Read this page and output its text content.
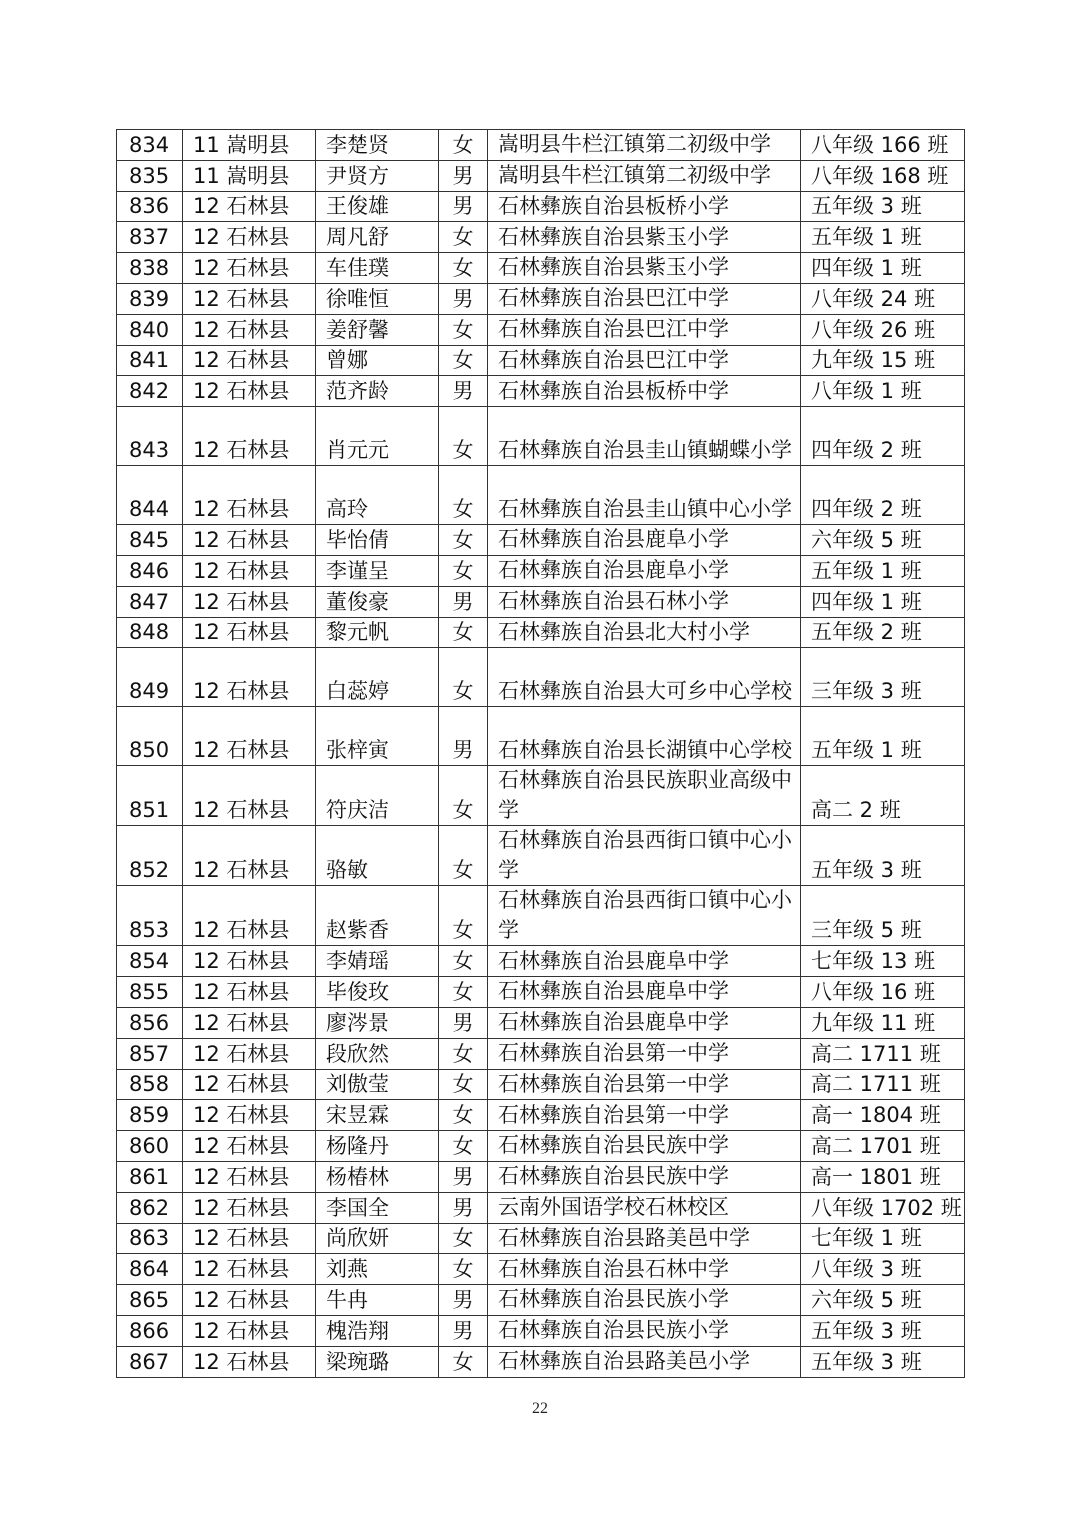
834	11 嵩明县	李楚贤	女	嵩明县牛栏江镇第二初级中学	八年级 166 班
835	11 嵩明县	尹贤方	男	嵩明县牛栏江镇第二初级中学	八年级 168 班
836	12 石林县	王俊雄	男	石林彝族自治县板桥小学	五年级 3 班
837	12 石林县	周凡舒	女	石林彝族自治县紫玉小学	五年级 1 班
838	12 石林县	车佳璞	女	石林彝族自治县紫玉小学	四年级 1 班
839	12 石林县	徐唯恒	男	石林彝族自治县巴江中学	八年级 24 班
840	12 石林县	姜舒馨	女	石林彝族自治县巴江中学	八年级 26 班
841	12 石林县	曾娜	女	石林彝族自治县巴江中学	九年级 15 班
842	12 石林县	范齐龄	男	石林彝族自治县板桥中学	八年级 1 班
843	12 石林县	肖元元	女	石林彝族自治县圭山镇蝴蝶小学	四年级 2 班
844	12 石林县	高玲	女	石林彝族自治县圭山镇中心小学	四年级 2 班
845	12 石林县	毕怡倩	女	石林彝族自治县鹿阜小学	六年级 5 班
846	12 石林县	李谨呈	女	石林彝族自治县鹿阜小学	五年级 1 班
847	12 石林县	董俊豪	男	石林彝族自治县石林小学	四年级 1 班
848	12 石林县	黎元帆	女	石林彝族自治县北大村小学	五年级 2 班
849	12 石林县	白蕊婷	女	石林彝族自治县大可乡中心学校	三年级 3 班
850	12 石林县	张梓寅	男	石林彝族自治县长湖镇中心学校	五年级 1 班
851	12 石林县	符庆洁	女	石林彝族自治县民族职业高级中学	高二 2 班
852	12 石林县	骆敏	女	石林彝族自治县西街口镇中心小学	五年级 3 班
853	12 石林县	赵紫香	女	石林彝族自治县西街口镇中心小学	三年级 5 班
854	12 石林县	李婧瑶	女	石林彝族自治县鹿阜中学	七年级 13 班
855	12 石林县	毕俊玫	女	石林彝族自治县鹿阜中学	八年级 16 班
856	12 石林县	廖涔景	男	石林彝族自治县鹿阜中学	九年级 11 班
857	12 石林县	段欣然	女	石林彝族自治县第一中学	高二 1711 班
858	12 石林县	刘傲莹	女	石林彝族自治县第一中学	高二 1711 班
859	12 石林县	宋昱霖	女	石林彝族自治县第一中学	高一 1804 班
860	12 石林县	杨隆丹	女	石林彝族自治县民族中学	高二 1701 班
861	12 石林县	杨椿林	男	石林彝族自治县民族中学	高一 1801 班
862	12 石林县	李国全	男	云南外国语学校石林校区	八年级 1702 班
863	12 石林县	尚欣妍	女	石林彝族自治县路美邑中学	七年级 1 班
864	12 石林县	刘燕	女	石林彝族自治县石林中学	八年级 3 班
865	12 石林县	牛冉	男	石林彝族自治县民族小学	六年级 5 班
866	12 石林县	槐浩翔	男	石林彝族自治县民族小学	五年级 3 班
867	12 石林县	梁琬璐	女	石林彝族自治县路美邑小学	五年级 3 班
22
